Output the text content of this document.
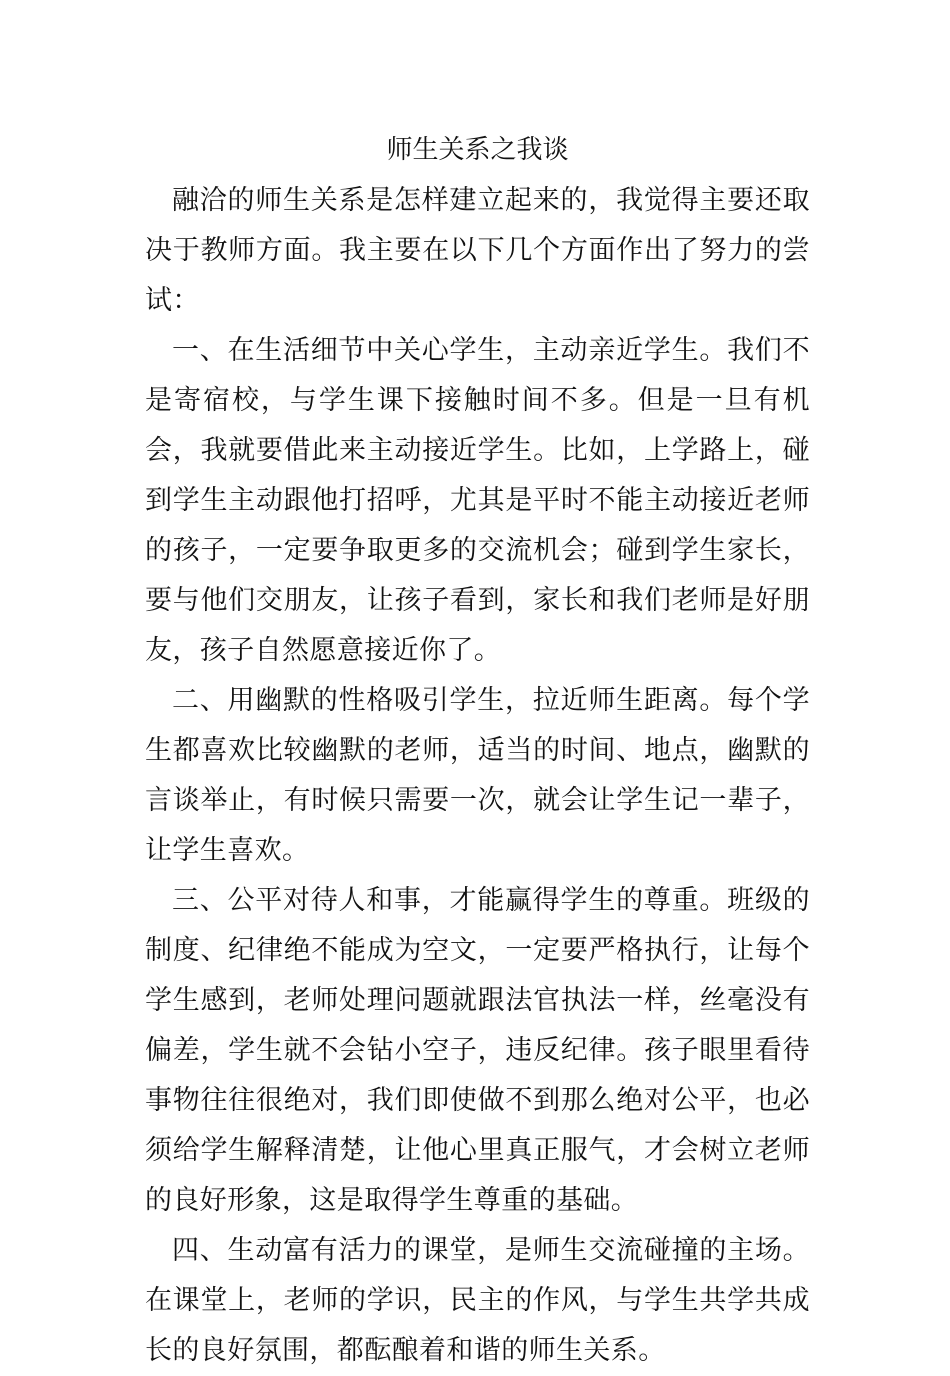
师生关系之我谈

融洽的师生关系是怎样建立起来的，我觉得主要还取决于教师方面。我主要在以下几个方面作出了努力的尝试：

一、在生活细节中关心学生，主动亲近学生。我们不是寄宿校，与学生课下接触时间不多。但是一旦有机会，我就要借此来主动接近学生。比如，上学路上，碰到学生主动跟他打招呼，尤其是平时不能主动接近老师的孩子，一定要争取更多的交流机会；碰到学生家长，要与他们交朋友，让孩子看到，家长和我们老师是好朋友，孩子自然愿意接近你了。

二、用幽默的性格吸引学生，拉近师生距离。每个学生都喜欢比较幽默的老师，适当的时间、地点，幽默的言谈举止，有时候只需要一次，就会让学生记一辈子，让学生喜欢。

三、公平对待人和事，才能赢得学生的尊重。班级的制度、纪律绝不能成为空文，一定要严格执行，让每个学生感到，老师处理问题就跟法官执法一样，丝毫没有偏差，学生就不会钻小空子，违反纪律。孩子眼里看待事物往往很绝对，我们即使做不到那么绝对公平，也必须给学生解释清楚，让他心里真正服气，才会树立老师的良好形象，这是取得学生尊重的基础。

四、生动富有活力的课堂，是师生交流碰撞的主场。在课堂上，老师的学识，民主的作风，与学生共学共成长的良好氛围，都酝酿着和谐的师生关系。
